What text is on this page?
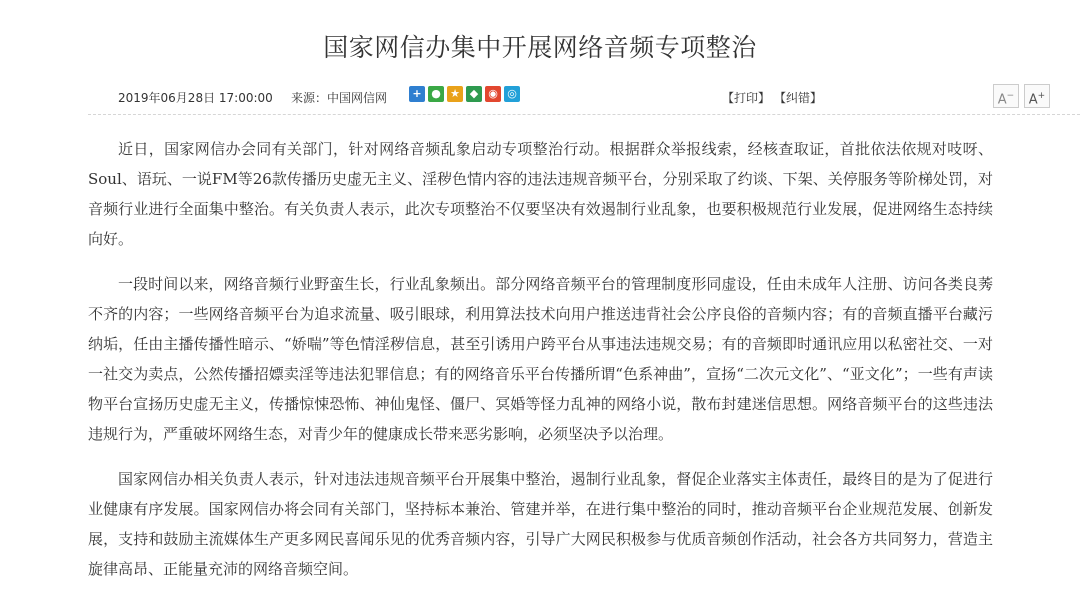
国家网信办集中开展网络音频专项整治
2019年06月28日 17:00:00 来源：中国网信网	+ ● ★ ◆ ◉ ◎	【打印】 【纠错】	A−	A+

近日，国家网信办会同有关部门，针对网络音频乱象启动专项整治行动。根据群众举报线索，经核查取证，首批依法依规对吱呀、Soul、语玩、一说FM等26款传播历史虚无主义、淫秽色情内容的违法违规音频平台，分别采取了约谈、下架、关停服务等阶梯处罚，对音频行业进行全面集中整治。有关负责人表示，此次专项整治不仅要坚决有效遏制行业乱象，也要积极规范行业发展，促进网络生态持续向好。

一段时间以来，网络音频行业野蛮生长，行业乱象频出。部分网络音频平台的管理制度形同虚设，任由未成年人注册、访问各类良莠不齐的内容；一些网络音频平台为追求流量、吸引眼球，利用算法技术向用户推送违背社会公序良俗的音频内容；有的音频直播平台藏污纳垢，任由主播传播性暗示、“娇喘”等色情淫秽信息，甚至引诱用户跨平台从事违法违规交易；有的音频即时通讯应用以私密社交、一对一社交为卖点，公然传播招嫖卖淫等违法犯罪信息；有的网络音乐平台传播所谓“色系神曲”，宣扬“二次元文化”、“亚文化”；一些有声读物平台宣扬历史虚无主义，传播惊悚恐怖、神仙鬼怪、僵尸、冥婚等怪力乱神的网络小说，散布封建迷信思想。网络音频平台的这些违法违规行为，严重破坏网络生态，对青少年的健康成长带来恶劣影响，必须坚决予以治理。

国家网信办相关负责人表示，针对违法违规音频平台开展集中整治，遏制行业乱象，督促企业落实主体责任，最终目的是为了促进行业健康有序发展。国家网信办将会同有关部门，坚持标本兼治、管建并举，在进行集中整治的同时，推动音频平台企业规范发展、创新发展，支持和鼓励主流媒体生产更多网民喜闻乐见的优秀音频内容，引导广大网民积极参与优质音频创作活动，社会各方共同努力，营造主旋律高昂、正能量充沛的网络音频空间。
